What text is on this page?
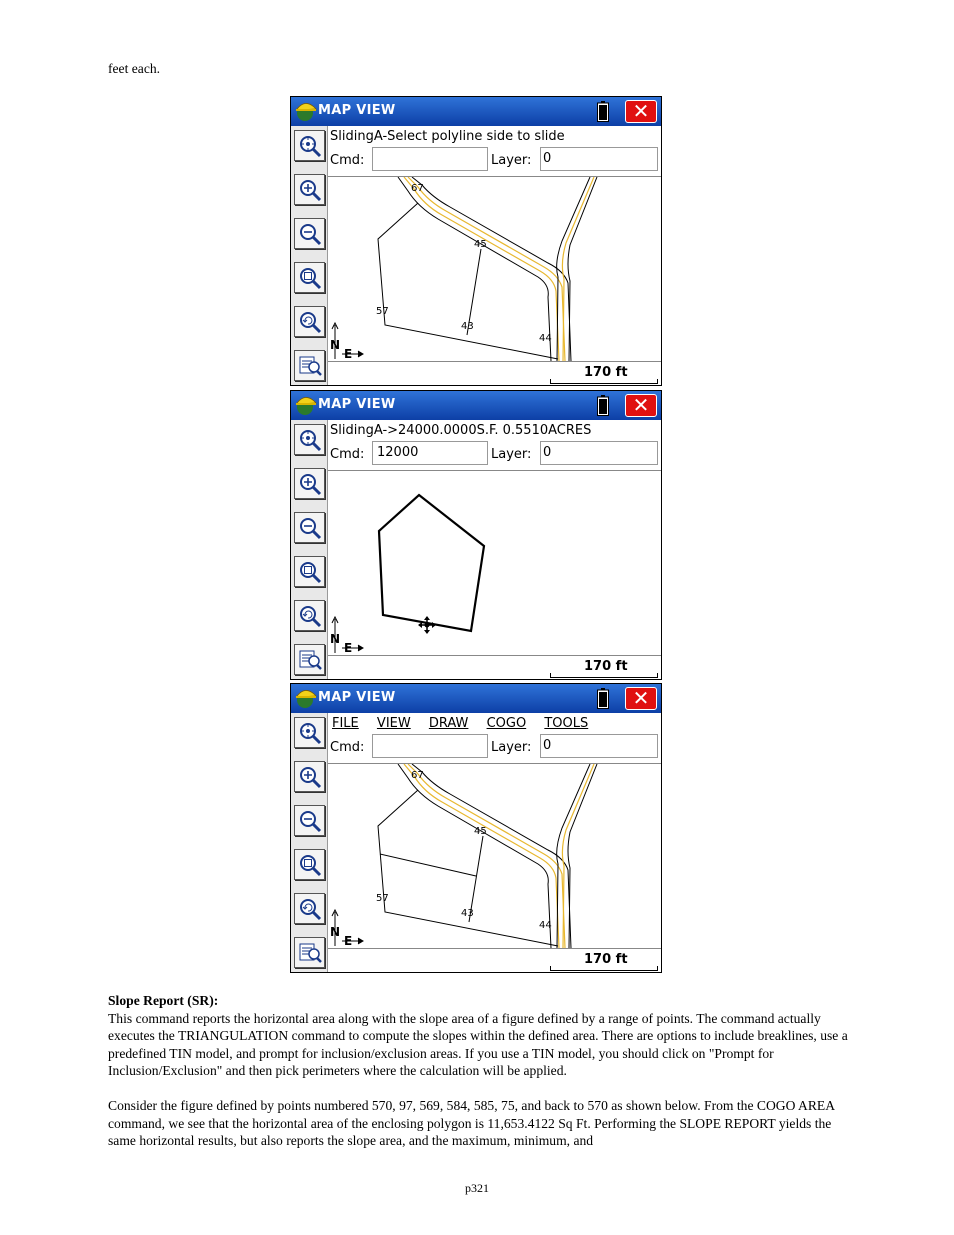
feet each.
MAP VIEW	✕
SlidingA-Select polyline side to slide
Cmd:	Layer: 0
67
45
57
43
44
N
E
170 ft
MAP VIEW	✕
SlidingA->24000.0000S.F. 0.5510ACRES
Cmd: 12000	Layer: 0
N
E
170 ft
MAP VIEW	✕
FILE VIEW DRAW COGO TOOLS
Cmd:	Layer: 0
67
45
57
43
44
N
E
170 ft
Slope Report (SR):

This command reports the horizontal area along with the slope area of a figure defined by a range of points. The command actually executes the TRIANGULATION command to compute the slopes within the defined area. There are options to include breaklines, use a predefined TIN model, and prompt for inclusion/exclusion areas. If you use a TIN model, you should click on "Prompt for Inclusion/Exclusion" and then pick perimeters where the calculation will be applied.

Consider the figure defined by points numbered 570, 97, 569, 584, 585, 75, and back to 570 as shown below. From the COGO AREA command, we see that the horizontal area of the enclosing polygon is 11,653.4122 Sq Ft. Performing the SLOPE REPORT yields the same horizontal results, but also reports the slope area, and the maximum, minimum, and

p321
